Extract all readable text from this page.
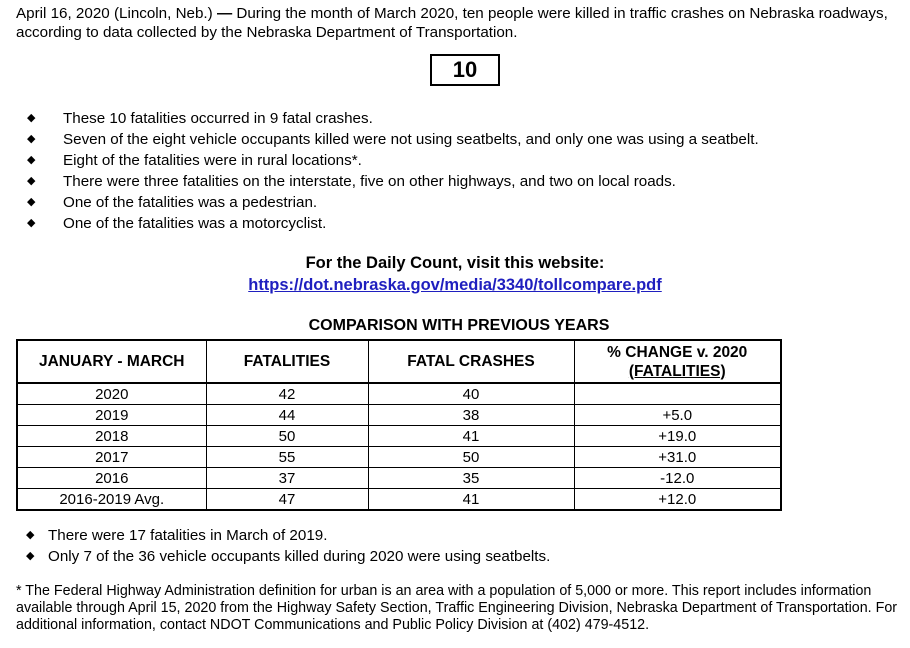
April 16, 2020 (Lincoln, Neb.) — During the month of March 2020, ten people were killed in traffic crashes on Nebraska roadways, according to data collected by the Nebraska Department of Transportation.
10
◆ These 10 fatalities occurred in 9 fatal crashes.
◆ Seven of the eight vehicle occupants killed were not using seatbelts, and only one was using a seatbelt.
◆ Eight of the fatalities were in rural locations*.
◆ There were three fatalities on the interstate, five on other highways, and two on local roads.
◆ One of the fatalities was a pedestrian.
◆ One of the fatalities was a motorcyclist.
For the Daily Count, visit this website:
https://dot.nebraska.gov/media/3340/tollcompare.pdf
COMPARISON WITH PREVIOUS YEARS
JANUARY - MARCH	FATALITIES	FATAL CRASHES	% CHANGE v. 2020
(FATALITIES)

2020	42	40	
2019	44	38	+5.0
2018	50	41	+19.0
2017	55	50	+31.0
2016	37	35	-12.0
2016-2019 Avg.	47	41	+12.0
◆ There were 17 fatalities in March of 2019.
◆ Only 7 of the 36 vehicle occupants killed during 2020 were using seatbelts.
* The Federal Highway Administration definition for urban is an area with a population of 5,000 or more. This report includes information available through April 15, 2020 from the Highway Safety Section, Traffic Engineering Division, Nebraska Department of Transportation. For additional information, contact NDOT Communications and Public Policy Division at (402) 479-4512.
